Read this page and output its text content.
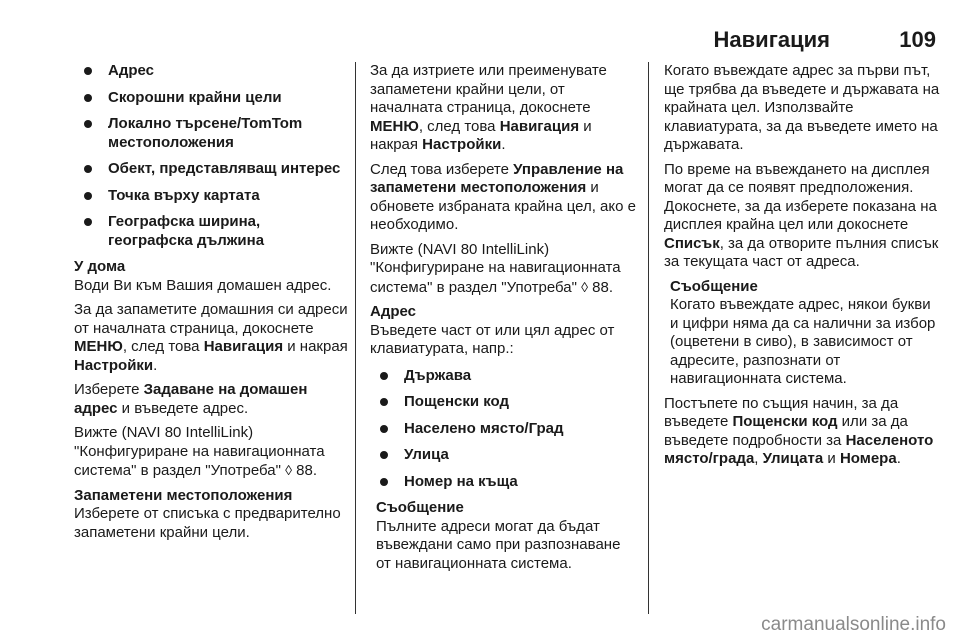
Навигация	109
Адрес
Скорошни крайни цели
Локално търсене/TomTom местоположения
Обект, представляващ интерес
Точка върху картата
Географска ширина, географска дължина

У дома

Води Ви към Вашия домашен адрес.

За да запаметите домашния си адреси от началната страница, докоснете МЕНЮ, след това Навигация и накрая Настройки.

Изберете Задаване на домашен адрес и въведете адрес.

Вижте (NAVI 80 IntelliLink) "Конфигуриране на навигационната система" в раздел "Употреба" ◊ 88.

Запаметени местоположения

Изберете от списъка с предварително запаметени крайни цели.

За да изтриете или преименувате запаметени крайни цели, от началната страница, докоснете МЕНЮ, след това Навигация и накрая Настройки.

След това изберете Управление на запаметени местоположения и обновете избраната крайна цел, ако е необходимо.

Вижте (NAVI 80 IntelliLink) "Конфигуриране на навигационната система" в раздел "Употреба" ◊ 88.

Адрес

Въведете част от или цял адрес от клавиатурата, напр.:

Държава
Пощенски код
Населено място/Град
Улица
Номер на къща
Съобщение
Пълните адреси могат да бъдат въвеждани само при разпознаване от навигационната система.

Когато въвеждате адрес за първи път, ще трябва да въведете и държавата на крайната цел. Използвайте клавиатурата, за да въведете името на държавата.

По време на въвеждането на дисплея могат да се появят предположения. Докоснете, за да изберете показана на дисплея крайна цел или докоснете Списък, за да отворите пълния списък за текущата част от адреса.

Съобщение
Когато въвеждате адрес, някои букви и цифри няма да са налични за избор (оцветени в сиво), в зависимост от адресите, разпознати от навигационната система.

Постъпете по същия начин, за да въведете Пощенски код или за да въведете подробности за Населеното място/града, Улицата и Номера.

carmanualsonline.info
